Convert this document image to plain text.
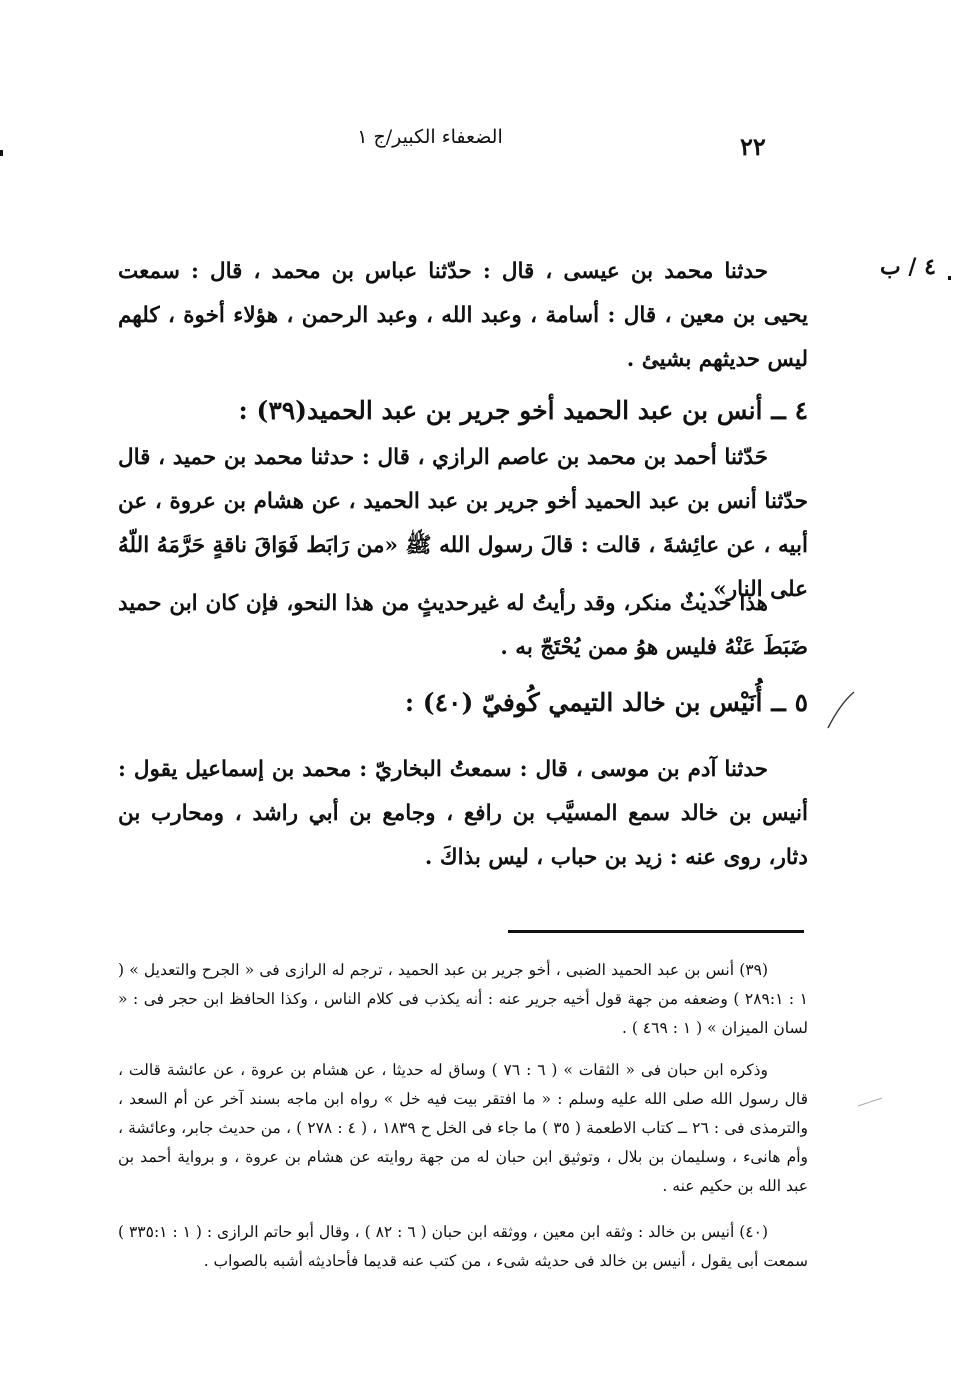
٢٢
الضعفاء الكبير/ج ١
٤ / ب
حدثنا محمد بن عيسى ، قال : حدّثنا عباس بن محمد ، قال : سمعت يحيى بن معين ، قال : أسامة ، وعبد الله ، وعبد الرحمن ، هؤلاء أخوة ، كلهم ليس حديثهم بشيئ .
٤ ــ أنس بن عبد الحميد أخو جرير بن عبد الحميد(٣٩) :
حَدّثنا أحمد بن محمد بن عاصم الرازي ، قال : حدثنا محمد بن حميد ، قال حدّثنا أنس بن عبد الحميد أخو جرير بن عبد الحميد ، عن هشام بن عروة ، عن أبيه ، عن عائِشةَ ، قالت : قالَ رسول الله ﷺ «من رَابَط فَوَاقَ ناقةٍ حَرَّمَهُ اللّهُ على النار» .
هذا حديثٌ منكر، وقد رأيتُ له غيرحديثٍ من هذا النحو، فإن كان ابن حميد ضَبَطَ عَنْهُ فليس هوُ ممن يُحْتَجّ به .
٥ ــ أُنَيْس بن خالد التيمي كُوفيّ (٤٠) :
حدثنا آدم بن موسى ، قال : سمعتُ البخاريّ : محمد بن إسماعيل يقول : أنيس بن خالد سمع المسيَّب بن رافع ، وجامع بن أبي راشد ، ومحارب بن دثار، روى عنه : زيد بن حباب ، ليس بذاكَ .
(٣٩) أنس بن عبد الحميد الضبى ، أخو جرير بن عبد الحميد ، ترجم له الرازى فى « الجرح والتعديل » ( ١ : ٢٨٩:١ ) وضعفه من جهة قول أخيه جرير عنه : أنه يكذب فى كلام الناس ، وكذا الحافظ ابن حجر فى : « لسان الميزان » ( ١ : ٤٦٩ ) .
وذكره ابن حبان فى « الثقات » ( ٦ : ٧٦ ) وساق له حديثا ، عن هشام بن عروة ، عن عائشة قالت ، قال رسول الله صلى الله عليه وسلم : « ما افتقر بيت فيه خل » رواه ابن ماجه بسند آخر عن أم السعد ، والترمذى فى : ٢٦ ــ كتاب الاطعمة ( ٣٥ ) ما جاء فى الخل ح ١٨٣٩ ، ( ٤ : ٢٧٨ ) ، من حديث جابر، وعائشة ، وأم هانىء ، وسليمان بن بلال ، وتوثيق ابن حبان له من جهة روايته عن هشام بن عروة ، و برواية أحمد بن عبد الله بن حكيم عنه .
(٤٠) أنيس بن خالد : وثقه ابن معين ، ووثقه ابن حبان ( ٦ : ٨٢ ) ، وقال أبو حاتم الرازى : ( ١ : ٣٣٥:١ ) سمعت أبى يقول ، أنيس بن خالد فى حديثه شىء ، من كتب عنه قديما فأحاديثه أشبه بالصواب .
